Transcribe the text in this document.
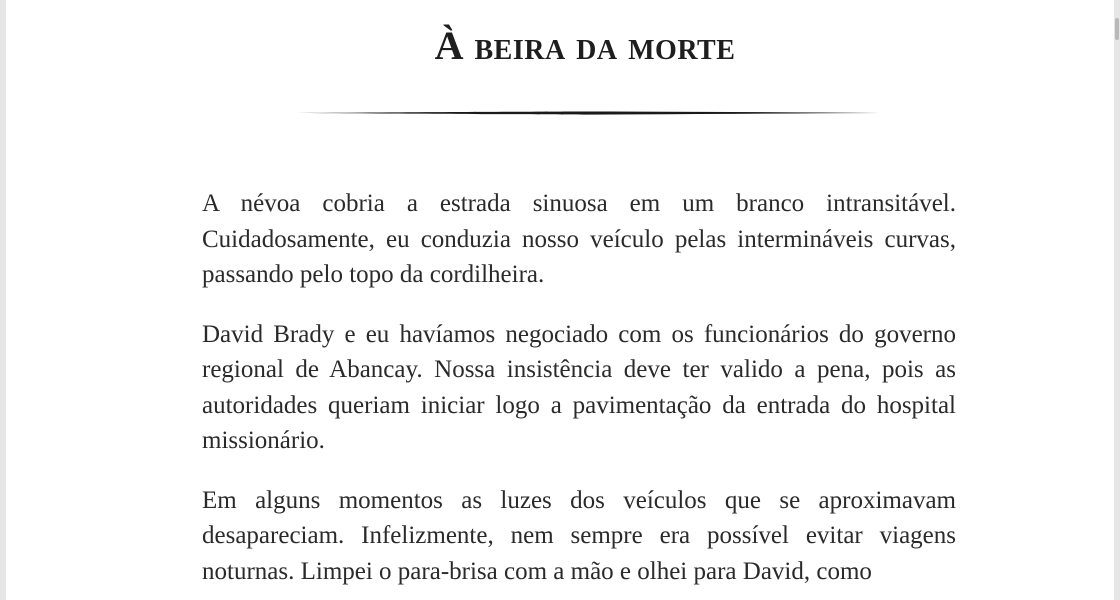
À beira da morte

A névoa cobria a estrada sinuosa em um branco intransitável. Cuidadosamente, eu conduzia nosso veículo pelas intermináveis curvas, passando pelo topo da cordilheira.

David Brady e eu havíamos negociado com os funcionários do governo regional de Abancay. Nossa insistência deve ter valido a pena, pois as autoridades queriam iniciar logo a pavimentação da entrada do hospital missionário.

Em alguns momentos as luzes dos veículos que se aproximavam desapareciam. Infelizmente, nem sempre era possível evitar viagens noturnas. Limpei o para-brisa com a mão e olhei para David, como
